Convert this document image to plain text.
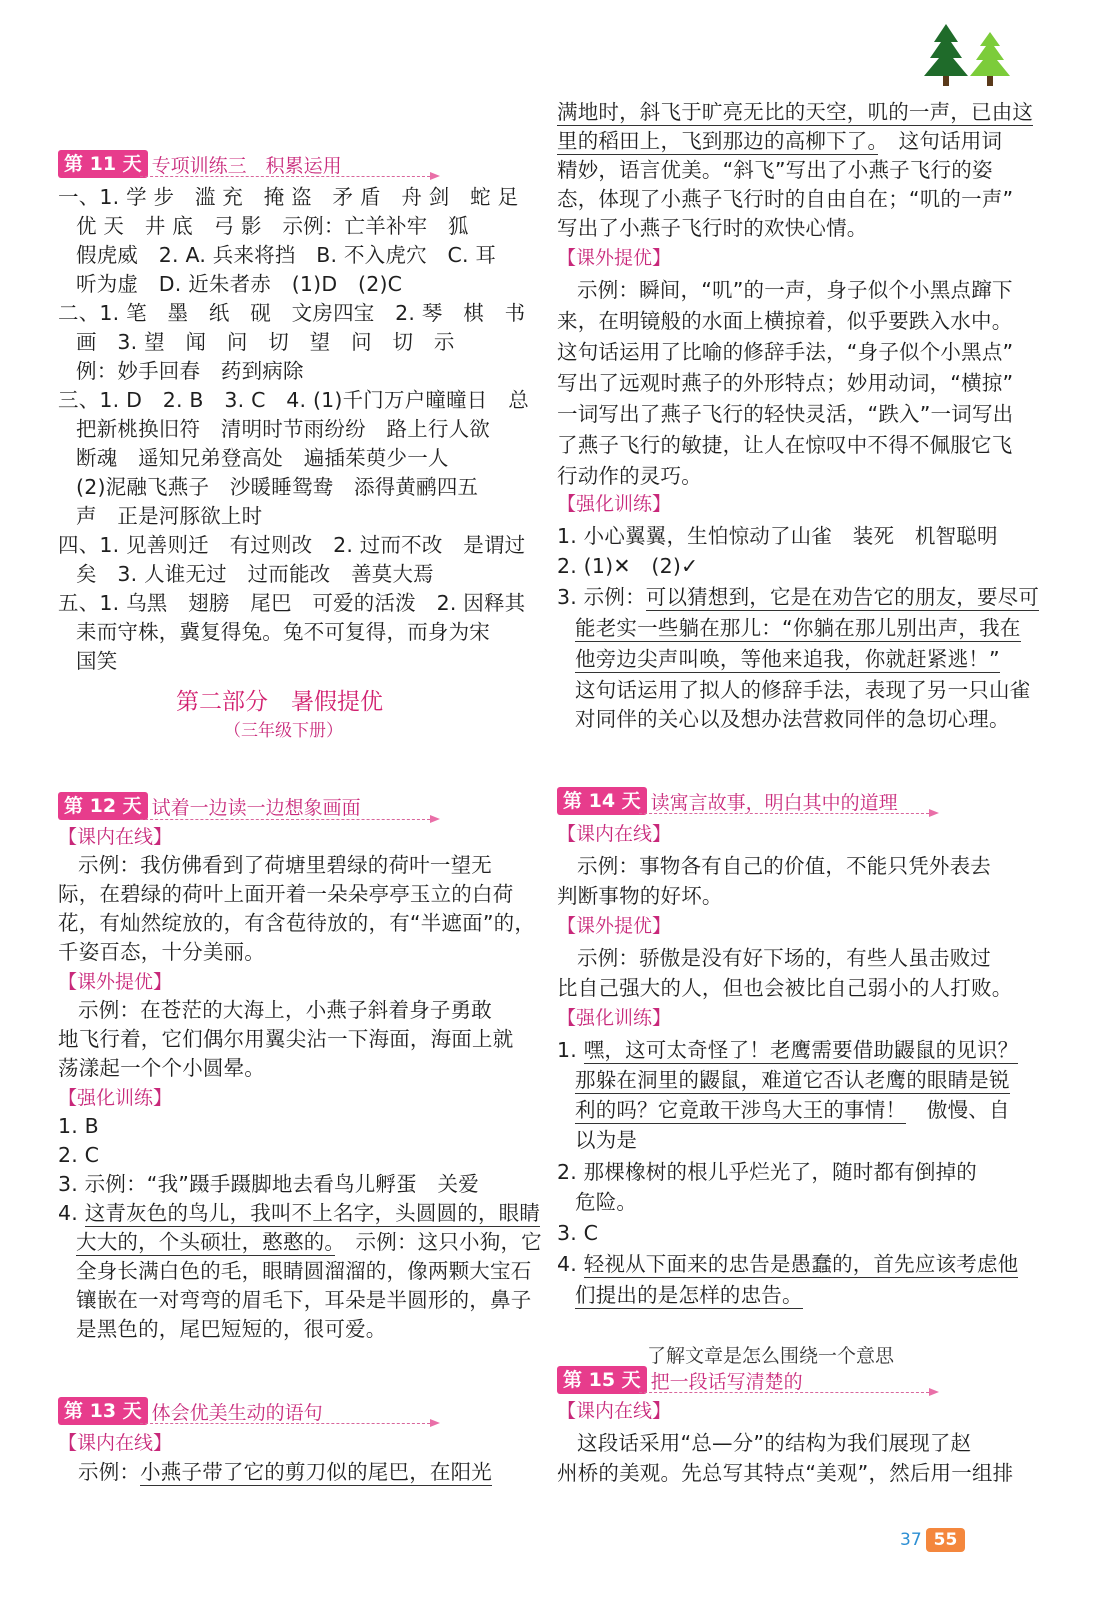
第 11 天 专项训练三　积累运用
一、1. 学 步　滥 充　掩 盗　矛 盾　舟 剑　蛇 足
优 天　井 底　弓 影　示例：亡羊补牢　狐
假虎威　2. A. 兵来将挡　B. 不入虎穴　C. 耳
听为虚　D. 近朱者赤　(1)D　(2)C
二、1. 笔　墨　纸　砚　文房四宝　2. 琴　棋　书
画　3. 望　闻　问　切　望　问　切　示
例：妙手回春　药到病除
三、1. D　2. B　3. C　4. (1)千门万户曈曈日　总
把新桃换旧符　清明时节雨纷纷　路上行人欲
断魂　遥知兄弟登高处　遍插茱萸少一人
(2)泥融飞燕子　沙暖睡鸳鸯　添得黄鹂四五
声　正是河豚欲上时
四、1. 见善则迁　有过则改　2. 过而不改　是谓过
矣　3. 人谁无过　过而能改　善莫大焉
五、1. 乌黑　翅膀　尾巴　可爱的活泼　2. 因释其
耒而守株，冀复得兔。兔不可复得，而身为宋
国笑
第二部分　暑假提优
（三年级下册）
第 12 天 试着一边读一边想象画面
【课内在线】
示例：我仿佛看到了荷塘里碧绿的荷叶一望无
际，在碧绿的荷叶上面开着一朵朵亭亭玉立的白荷
花，有灿然绽放的，有含苞待放的，有“半遮面”的，
千姿百态，十分美丽。
【课外提优】
示例：在苍茫的大海上，小燕子斜着身子勇敢
地飞行着，它们偶尔用翼尖沾一下海面，海面上就
荡漾起一个个小圆晕。
【强化训练】
1. B
2. C
3. 示例：“我”蹑手蹑脚地去看鸟儿孵蛋　关爱
4. 这青灰色的鸟儿，我叫不上名字，头圆圆的，眼睛
大大的，个头硕壮，憨憨的。　示例：这只小狗，它
全身长满白色的毛，眼睛圆溜溜的，像两颗大宝石
镶嵌在一对弯弯的眉毛下，耳朵是半圆形的，鼻子
是黑色的，尾巴短短的，很可爱。
第 13 天 体会优美生动的语句
【课内在线】
示例：小燕子带了它的剪刀似的尾巴，在阳光
满地时，斜飞于旷亮无比的天空，叽的一声，已由这
里的稻田上，飞到那边的高柳下了。　这句话用词
精妙，语言优美。“斜飞”写出了小燕子飞行的姿
态，体现了小燕子飞行时的自由自在；“叽的一声”
写出了小燕子飞行时的欢快心情。
【课外提优】
示例：瞬间，“叽”的一声，身子似个小黑点蹿下
来，在明镜般的水面上横掠着，似乎要跌入水中。
这句话运用了比喻的修辞手法，“身子似个小黑点”
写出了远观时燕子的外形特点；妙用动词，“横掠”
一词写出了燕子飞行的轻快灵活，“跌入”一词写出
了燕子飞行的敏捷，让人在惊叹中不得不佩服它飞
行动作的灵巧。
【强化训练】
1. 小心翼翼，生怕惊动了山雀　装死　机智聪明
2. (1)✕　(2)✓
3. 示例：可以猜想到，它是在劝告它的朋友，要尽可
能老实一些躺在那儿：“你躺在那儿别出声，我在
他旁边尖声叫唤，等他来追我，你就赶紧逃！”
这句话运用了拟人的修辞手法，表现了另一只山雀
对同伴的关心以及想办法营救同伴的急切心理。
第 14 天 读寓言故事，明白其中的道理
【课内在线】
示例：事物各有自己的价值，不能只凭外表去
判断事物的好坏。
【课外提优】
示例：骄傲是没有好下场的，有些人虽击败过
比自己强大的人，但也会被比自己弱小的人打败。
【强化训练】
1. 嘿，这可太奇怪了！老鹰需要借助鼹鼠的见识？
那躲在洞里的鼹鼠，难道它否认老鹰的眼睛是锐
利的吗？它竟敢干涉鸟大王的事情！　傲慢、自
以为是
2. 那棵橡树的根儿乎烂光了，随时都有倒掉的
危险。
3. C
4. 轻视从下面来的忠告是愚蠢的，首先应该考虑他
们提出的是怎样的忠告。
了解文章是怎么围绕一个意思
第 15 天 把一段话写清楚的
【课内在线】
这段话采用“总—分”的结构为我们展现了赵
州桥的美观。先总写其特点“美观”，然后用一组排
37 55
